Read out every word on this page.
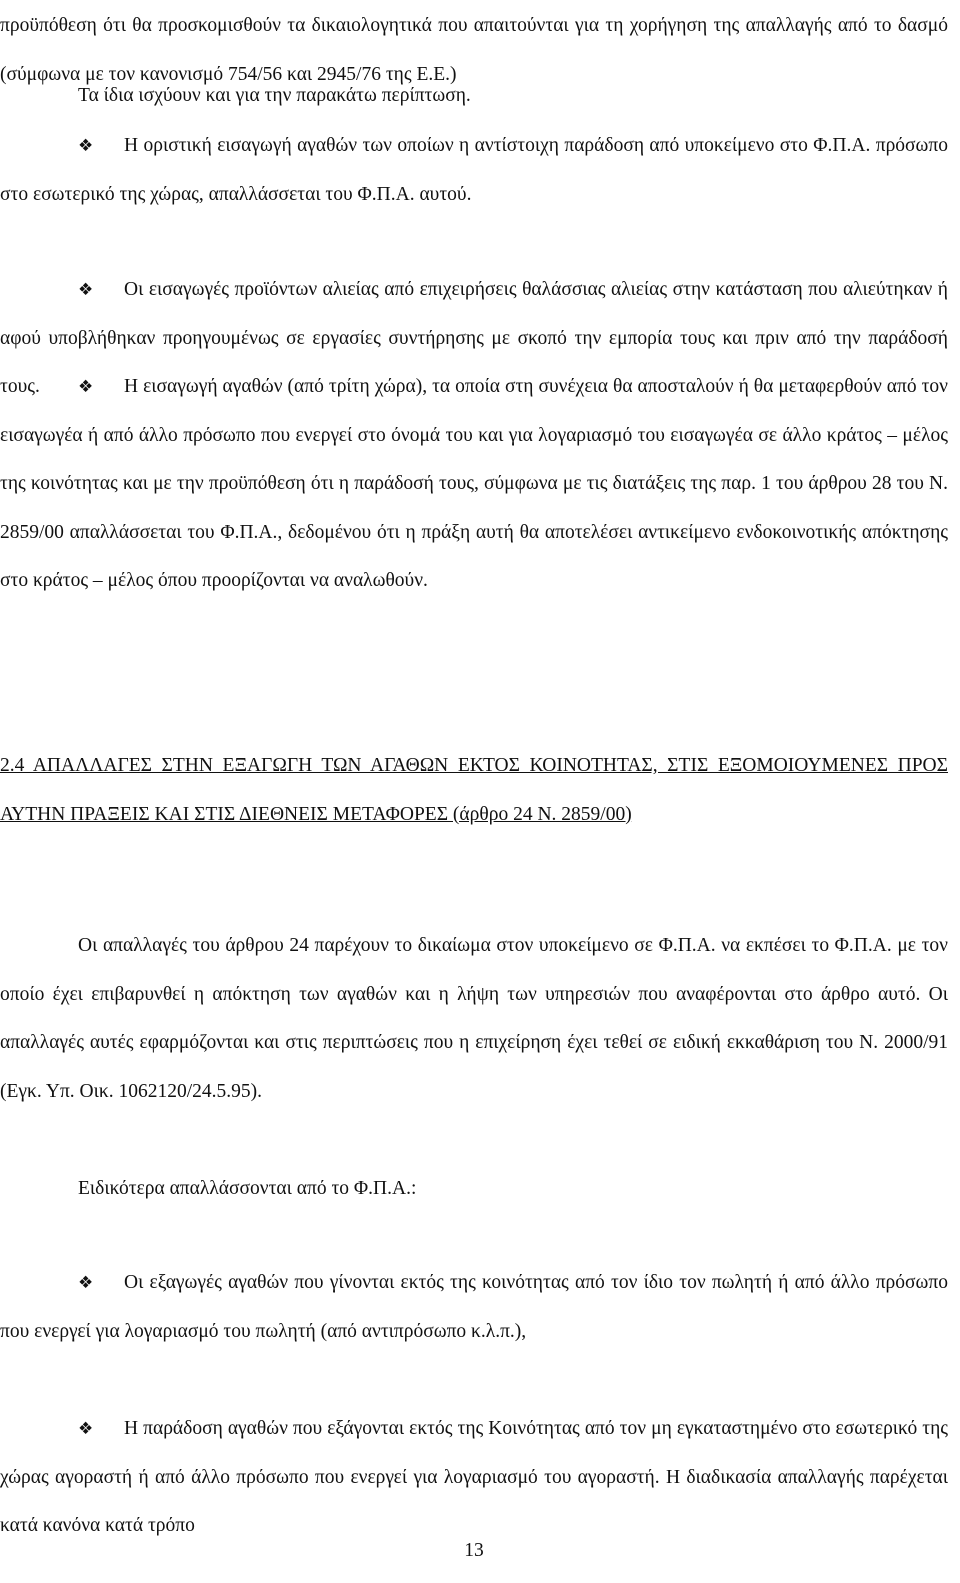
προϋπόθεση ότι θα προσκομισθούν τα δικαιολογητικά που απαιτούνται για τη χορήγηση της απαλλαγής από το δασμό (σύμφωνα με τον κανονισμό 754/56 και 2945/76 της Ε.Ε.)
Τα ίδια ισχύουν και για την παρακάτω περίπτωση.
❖ Η οριστική εισαγωγή αγαθών των οποίων η αντίστοιχη παράδοση από υποκείμενο στο Φ.Π.Α. πρόσωπο στο εσωτερικό της χώρας, απαλλάσσεται του Φ.Π.Α. αυτού.
❖ Οι εισαγωγές προϊόντων αλιείας από επιχειρήσεις θαλάσσιας αλιείας στην κατάσταση που αλιεύτηκαν ή αφού υποβλήθηκαν προηγουμένως σε εργασίες συντήρησης με σκοπό την εμπορία τους και πριν από την παράδοσή τους.	❖ Η εισαγωγή αγαθών (από τρίτη χώρα), τα οποία στη συνέχεια θα αποσταλούν ή θα μεταφερθούν από τον εισαγωγέα ή από άλλο πρόσωπο που ενεργεί στο όνομά του και για λογαριασμό του εισαγωγέα σε άλλο κράτος – μέλος της κοινότητας και με την προϋπόθεση ότι η παράδοσή τους, σύμφωνα με τις διατάξεις της παρ. 1 του άρθρου 28 του Ν. 2859/00 απαλλάσσεται του Φ.Π.Α., δεδομένου ότι η πράξη αυτή θα αποτελέσει αντικείμενο ενδοκοινοτικής απόκτησης στο κράτος – μέλος όπου προορίζονται να αναλωθούν.
2.4 ΑΠΑΛΛΑΓΕΣ ΣΤΗΝ ΕΞΑΓΩΓΗ ΤΩΝ ΑΓΑΘΩΝ ΕΚΤΟΣ ΚΟΙΝΟΤΗΤΑΣ, ΣΤΙΣ ΕΞΟΜΟΙΟΥΜΕΝΕΣ ΠΡΟΣ ΑΥΤΗΝ ΠΡΑΞΕΙΣ ΚΑΙ ΣΤΙΣ ΔΙΕΘΝΕΙΣ ΜΕΤΑΦΟΡΕΣ (άρθρο 24 Ν. 2859/00)
Οι απαλλαγές του άρθρου 24 παρέχουν το δικαίωμα στον υποκείμενο σε Φ.Π.Α. να εκπέσει το Φ.Π.Α. με τον οποίο έχει επιβαρυνθεί η απόκτηση των αγαθών και η λήψη των υπηρεσιών που αναφέρονται στο άρθρο αυτό. Οι απαλλαγές αυτές εφαρμόζονται και στις περιπτώσεις που η επιχείρηση έχει τεθεί σε ειδική εκκαθάριση του Ν. 2000/91 (Εγκ. Υπ. Οικ. 1062120/24.5.95).
Ειδικότερα απαλλάσσονται από το Φ.Π.Α.:
❖ Οι εξαγωγές αγαθών που γίνονται εκτός της κοινότητας από τον ίδιο τον πωλητή ή από άλλο πρόσωπο που ενεργεί για λογαριασμό του πωλητή (από αντιπρόσωπο κ.λ.π.),
❖ Η παράδοση αγαθών που εξάγονται εκτός της Κοινότητας από τον μη εγκαταστημένο στο εσωτερικό της χώρας αγοραστή ή από άλλο πρόσωπο που ενεργεί για λογαριασμό του αγοραστή. Η διαδικασία απαλλαγής παρέχεται κατά κανόνα κατά τρόπο
13
